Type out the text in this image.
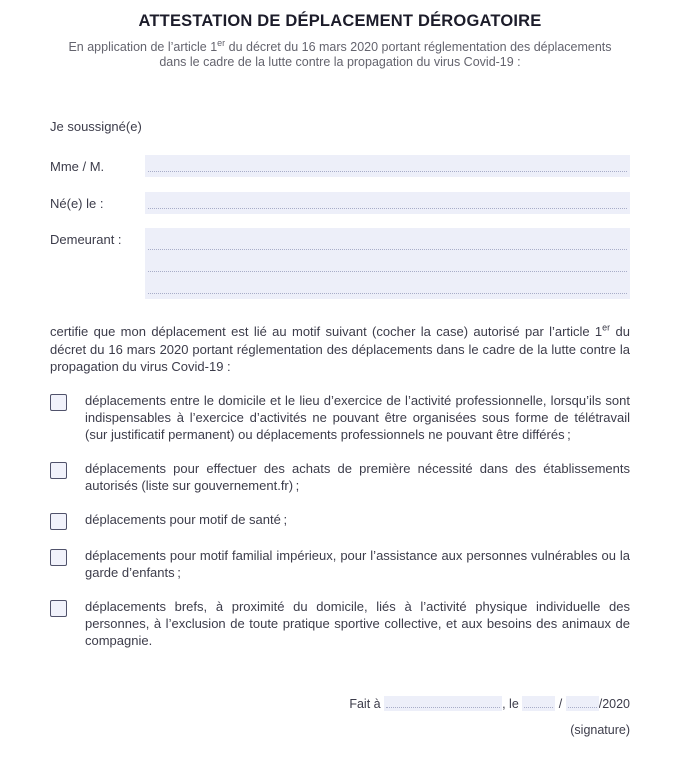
ATTESTATION DE DÉPLACEMENT DÉROGATOIRE

En application de l’article 1er du décret du 16 mars 2020 portant réglementation des déplacements dans le cadre de la lutte contre la propagation du virus Covid-19 :

Je soussigné(e)

Mme / M.
Né(e) le :
Demeurant :

certifie que mon déplacement est lié au motif suivant (cocher la case) autorisé par l’article 1er du décret du 16 mars 2020 portant réglementation des déplacements dans le cadre de la lutte contre la propagation du virus Covid-19 :

déplacements entre le domicile et le lieu d’exercice de l’activité professionnelle, lorsqu’ils sont indispensables à l’exercice d’activités ne pouvant être organisées sous forme de télétravail (sur justificatif permanent) ou déplacements professionnels ne pouvant être différés ;

déplacements pour effectuer des achats de première nécessité dans des établissements autorisés (liste sur gouvernement.fr) ;

déplacements pour motif de santé ;

déplacements pour motif familial impérieux, pour l’assistance aux personnes vulnérables ou la garde d’enfants ;

déplacements brefs, à proximité du domicile, liés à l’activité physique individuelle des personnes, à l’exclusion de toute pratique sportive collective, et aux besoins des animaux de compagnie.

Fait à	, le	/	/2020
(signature)
